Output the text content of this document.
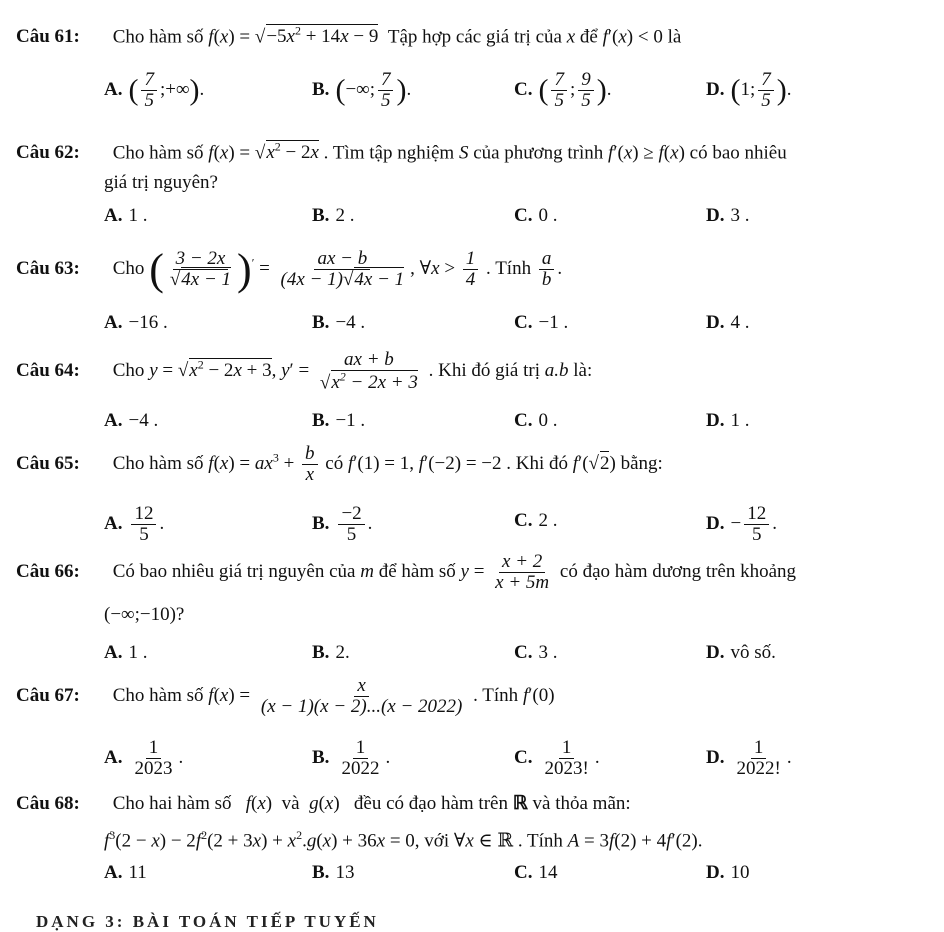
Câu 61: Cho hàm số $f(x) = √-5x^2 + 14x - 9$ Tập hợp các giá trị của x để f′(x) < 0 là
A. ( $\frac{7}{5}$ ;+∞).	B. (−∞; $\frac{7}{5}$ ).	C. ( $\frac{7}{5}$ ; $\frac{9}{5}$ ).	D. (1; $\frac{7}{5}$ ).
Câu 62: Cho hàm số $f(x) = √x^2 - 2x$ . Tìm tập nghiệm S của phương trình f′(x) ≥ f(x) có bao nhiêu
giá trị nguyên?
A. 1 .	B. 2 .	C. 0 .	D. 3 .
Câu 63: Cho ( $\frac{3 - 2x}{√4x - 1} )' = \frac{ax - b}{(4x - 1)√4x - 1}$ , ∀x > $\frac{1}{4}$ . Tính $\frac{a}{b}$ .
A. −16 .	B. −4 .	C. −1 .	D. 4 .
Câu 64: Cho $y = √x^2 - 2x + 3$, $y' = \frac{ax + b}{√x^2 - 2x + 3}$ . Khi đó giá trị a.b là:
A. −4 .	B. −1 .	C. 0 .	D. 1 .
Câu 65: Cho hàm số $f(x) = ax^3 + \frac{b}{x}$ có f′(1) = 1, f′(−2) = −2 . Khi đó f′(√2) bằng:
A. $\frac{12}{5}$ .	B. $\frac{-2}{5}$ .	C. 2 .	D. − $\frac{12}{5}$ .
Câu 66: Có bao nhiêu giá trị nguyên của m để hàm số $y = \frac{x + 2}{x + 5m}$ có đạo hàm dương trên khoảng
(−∞;−10)?
A. 1 .	B. 2.	C. 3 .	D. vô số.
Câu 67: Cho hàm số $f(x) = \frac{x}{(x - 1)(x - 2)...(x - 2022)}$ . Tính f′(0)
A. $\frac{1}{2023}$ .	B. $\frac{1}{2022}$ .	C. $\frac{1}{2023!}$ .	D. $\frac{1}{2022!}$ .
Câu 68: Cho hai hàm số f(x)  và g(x)   đều có đạo hàm trên ℝ và thỏa mãn:
$f^3(2 - x) - 2f^2(2 + 3x) + x^2.g(x) + 36x = 0$, với ∀x ∈ ℝ . Tính A = 3f(2) + 4f′(2).
A. 11	B. 13	C. 14	D. 10
DẠNG 3: BÀI TOÁN TIẾP TUYẾN
